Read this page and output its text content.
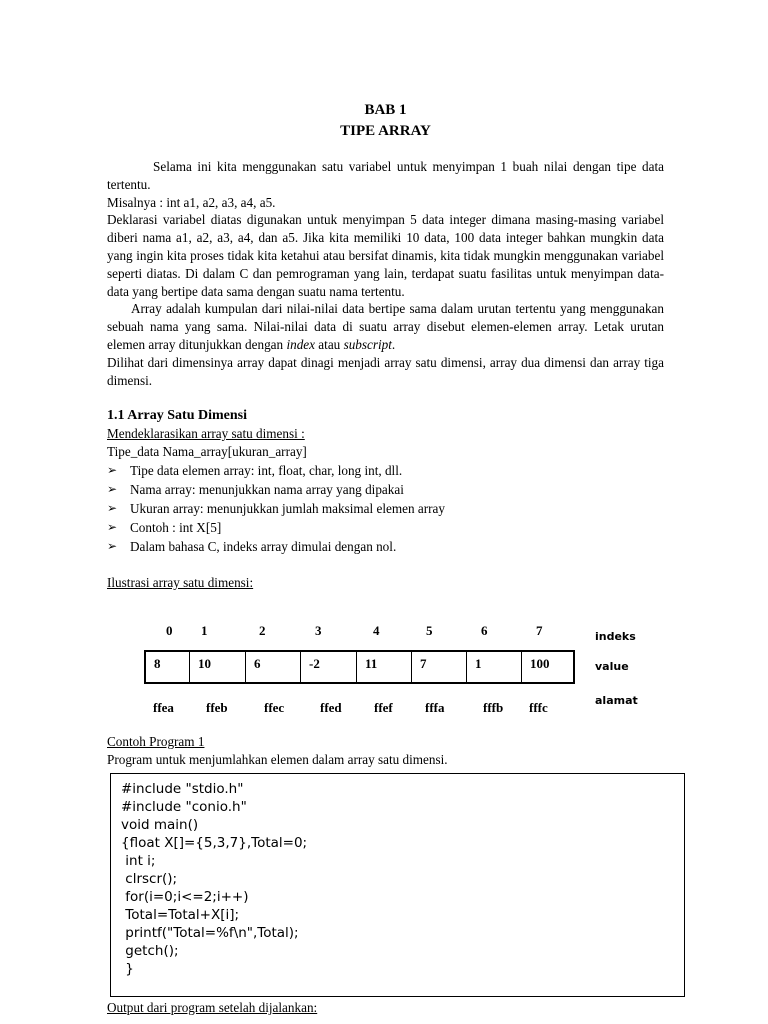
BAB 1

TIPE ARRAY

Selama ini kita menggunakan satu variabel untuk menyimpan 1 buah nilai dengan tipe data tertentu.

Misalnya : int a1, a2, a3, a4, a5.

Deklarasi variabel diatas digunakan untuk menyimpan 5 data integer dimana masing-masing variabel diberi nama a1, a2, a3, a4, dan a5. Jika kita memiliki 10 data, 100 data integer bahkan mungkin data yang ingin kita proses tidak kita ketahui atau bersifat dinamis, kita tidak mungkin menggunakan variabel seperti diatas. Di dalam C dan pemrograman yang lain, terdapat suatu fasilitas untuk menyimpan data-data yang bertipe data sama dengan suatu nama tertentu.

Array adalah kumpulan dari nilai-nilai data bertipe sama dalam urutan tertentu yang menggunakan sebuah nama yang sama. Nilai-nilai data di suatu array disebut elemen-elemen array. Letak urutan elemen array ditunjukkan dengan index atau subscript.

Dilihat dari dimensinya array dapat dinagi menjadi array satu dimensi, array dua dimensi dan array tiga dimensi.

1.1 Array Satu Dimensi

Mendeklarasikan array satu dimensi :

Tipe_data Nama_array[ukuran_array]

➢ Tipe data elemen array: int, float, char, long int, dll.
➢ Nama array: menunjukkan nama array yang dipakai
➢ Ukuran array: menunjukkan jumlah maksimal elemen array
➢ Contoh : int X[5]
➢ Dalam bahasa C, indeks array dimulai dengan nol.

Ilustrasi array satu dimensi:

0 1	2	3	4	5	6	7	indeks
8	10	6	-2	11	7	1	100	value
ffea ffeb	ffec	ffed ffef fffa	fffb fffc	alamat
Contoh Program 1
Program untuk menjumlahkan elemen dalam array satu dimensi.
#include "stdio.h"
#include "conio.h"
void main()
{float X[]={5,3,7},Total=0;
int i;
clrscr();
for(i=0;i<=2;i++)
Total=Total+X[i];
printf("Total=%f\n",Total);
getch();
}
Output dari program setelah dijalankan:
